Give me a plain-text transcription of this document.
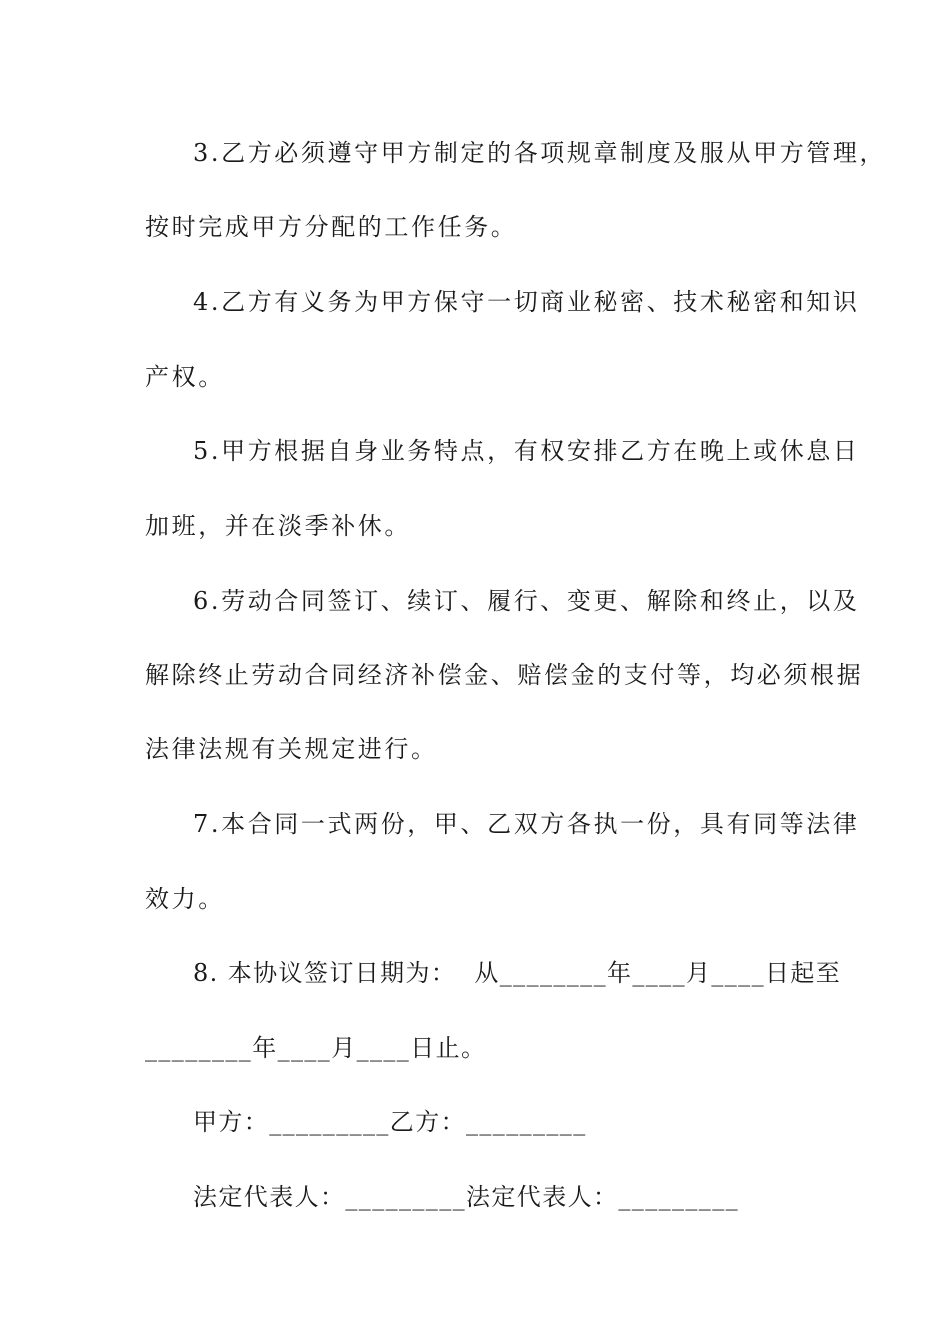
3.乙方必须遵守甲方制定的各项规章制度及服从甲方管理，
按时完成甲方分配的工作任务。
4.乙方有义务为甲方保守一切商业秘密、技术秘密和知识
产权。
5.甲方根据自身业务特点，有权安排乙方在晚上或休息日
加班，并在淡季补休。
6.劳动合同签订、续订、履行、变更、解除和终止，以及
解除终止劳动合同经济补偿金、赔偿金的支付等，均必须根据
法律法规有关规定进行。
7.本合同一式两份，甲、乙双方各执一份，具有同等法律
效力。
8. 本协议签订日期为：  从________年____月____日起至
________年____月____日止。
甲方：_________乙方：_________
法定代表人：_________法定代表人：_________
